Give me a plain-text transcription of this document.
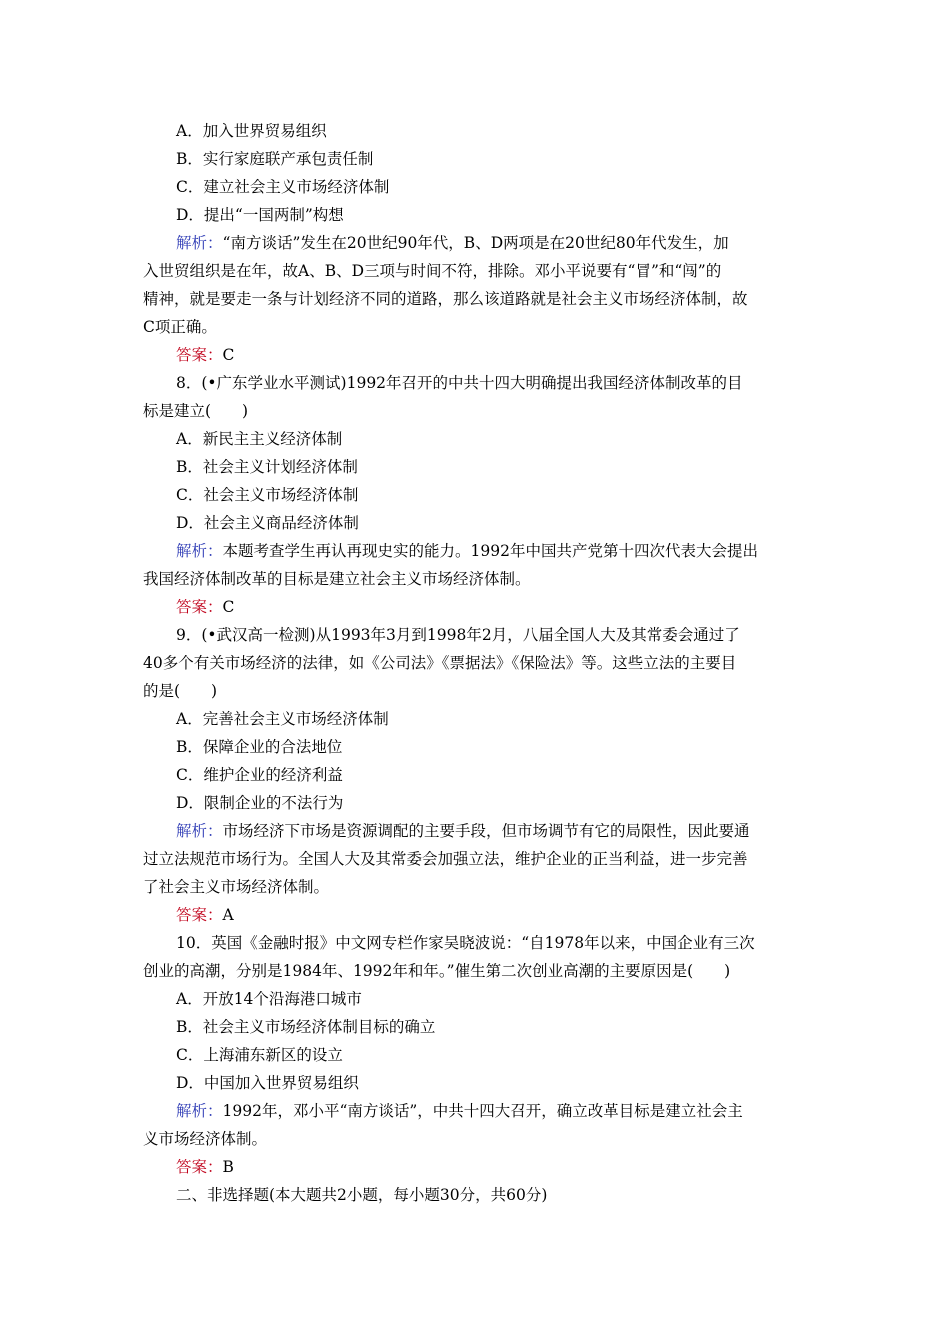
A．加入世界贸易组织
B．实行家庭联产承包责任制
C．建立社会主义市场经济体制
D．提出“一国两制”构想
解析：“南方谈话”发生在20世纪90年代，B、D两项是在20世纪80年代发生，加
入世贸组织是在年，故A、B、D三项与时间不符，排除。邓小平说要有“冒”和“闯”的
精神，就是要走一条与计划经济不同的道路，那么该道路就是社会主义市场经济体制，故
C项正确。
答案：C
8．(•广东学业水平测试)1992年召开的中共十四大明确提出我国经济体制改革的目
标是建立(　　)
A．新民主主义经济体制
B．社会主义计划经济体制
C．社会主义市场经济体制
D．社会主义商品经济体制
解析：本题考查学生再认再现史实的能力。1992年中国共产党第十四次代表大会提出
我国经济体制改革的目标是建立社会主义市场经济体制。
答案：C
9．(•武汉高一检测)从1993年3月到1998年2月，八届全国人大及其常委会通过了
40多个有关市场经济的法律，如《公司法》《票据法》《保险法》等。这些立法的主要目
的是(　　)
A．完善社会主义市场经济体制
B．保障企业的合法地位
C．维护企业的经济利益
D．限制企业的不法行为
解析：市场经济下市场是资源调配的主要手段，但市场调节有它的局限性，因此要通
过立法规范市场行为。全国人大及其常委会加强立法，维护企业的正当利益，进一步完善
了社会主义市场经济体制。
答案：A
10．英国《金融时报》中文网专栏作家吴晓波说：“自1978年以来，中国企业有三次
创业的高潮，分别是1984年、1992年和年。”催生第二次创业高潮的主要原因是(　　)
A．开放14个沿海港口城市
B．社会主义市场经济体制目标的确立
C．上海浦东新区的设立
D．中国加入世界贸易组织
解析：1992年，邓小平“南方谈话”，中共十四大召开，确立改革目标是建立社会主
义市场经济体制。
答案：B
二、非选择题(本大题共2小题，每小题30分，共60分)
